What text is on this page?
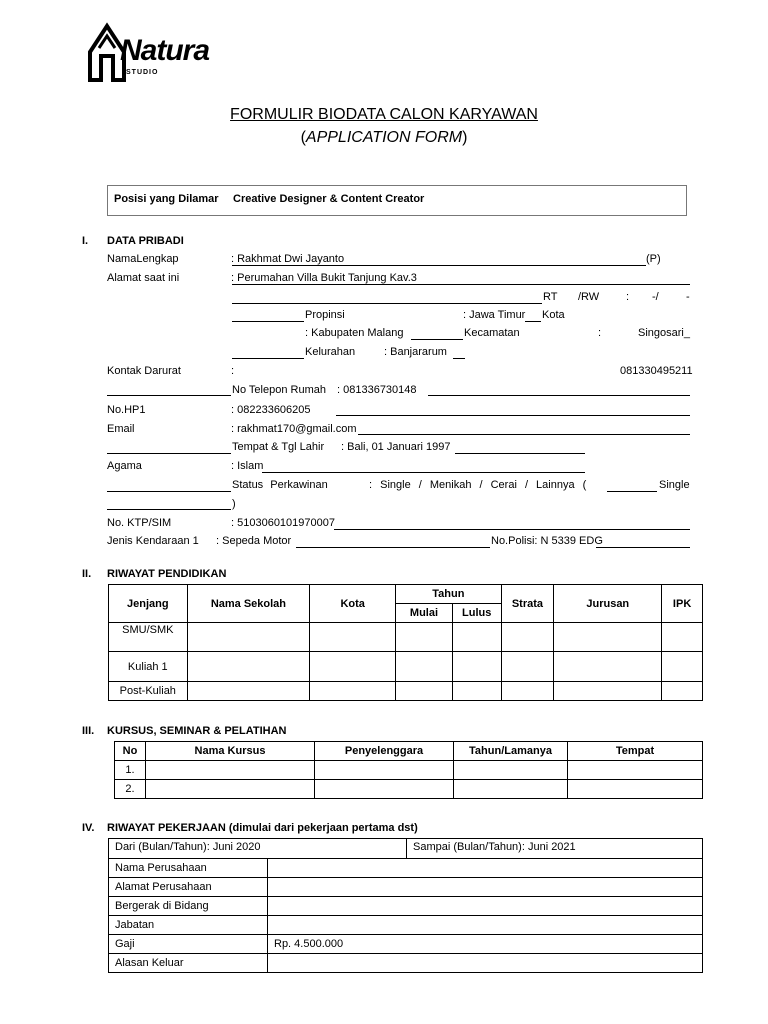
Natura
STUDIO
FORMULIR BIODATA CALON KARYAWAN
(APPLICATION FORM)
Posisi yang Dilamar Creative Designer & Content Creator
I. DATA PRIBADI
NamaLengkap	: Rakhmat Dwi Jayanto	(P)
Alamat saat ini	: Perumahan Villa Bukit Tanjung Kav.3
RT /RW : -/ -
Propinsi	: Jawa Timur Kota
: Kabupaten Malang	Kecamatan	:	Singosari_
Kelurahan	: Banjararum
Kontak Darurat	:	081330495211
No Telepon Rumah : 081336730148
No.HP1	: 082233606205
Email	: rakhmat170@gmail.com
Tempat & Tgl Lahir : Bali, 01 Januari 1997
Agama	: Islam
Status Perkawinan	: Single / Menikah / Cerai / Lainnya (	Single
)
No. KTP/SIM	: 5103060101970007
Jenis Kendaraan 1 : Sepeda Motor	No.Polisi: N 5339 EDG
II. RIWAYAT PENDIDIKAN
Jenjang	Nama Sekolah	Kota	Tahun		Strata	Jurusan	IPK
			Mulai	Lulus			
SMU/SMK							
Kuliah 1							
Post-Kuliah							
III. KURSUS, SEMINAR & PELATIHAN
No	Nama Kursus	Penyelenggara	Tahun/Lamanya	Tempat
1.				
2.				
IV. RIWAYAT PEKERJAAN (dimulai dari pekerjaan pertama dst)
Dari (Bulan/Tahun): Juni 2020 Sampai (Bulan/Tahun): Juni 2021	

Nama Perusahaan	
Alamat Perusahaan	
Bergerak di Bidang	
Jabatan	
Gaji	Rp. 4.500.000
Alasan Keluar	
